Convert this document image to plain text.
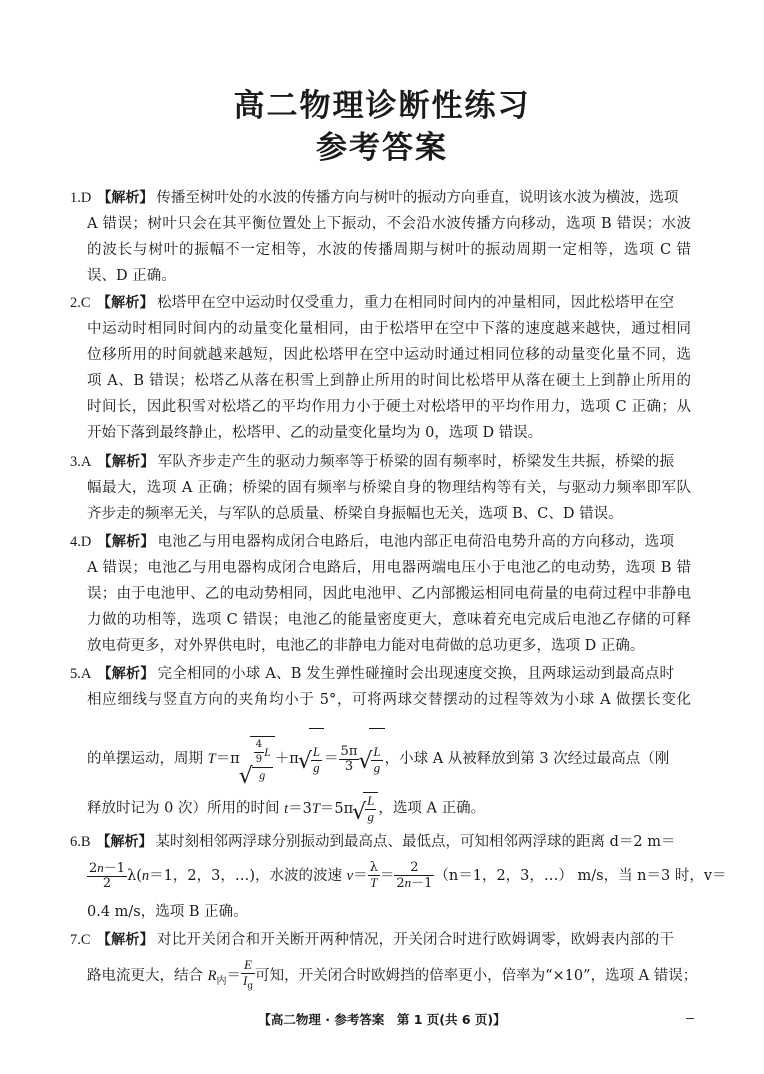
高二物理诊断性练习
参考答案
1.D 【解析】 传播至树叶处的水波的传播方向与树叶的振动方向垂直，说明该水波为横波，选项
A 错误；树叶只会在其平衡位置处上下振动，不会沿水波传播方向移动，选项 B 错误；水波
的波长与树叶的振幅不一定相等，水波的传播周期与树叶的振动周期一定相等，选项 C 错
误、D 正确。
2.C 【解析】 松塔甲在空中运动时仅受重力，重力在相同时间内的冲量相同，因此松塔甲在空
中运动时相同时间内的动量变化量相同，由于松塔甲在空中下落的速度越来越快，通过相同
位移所用的时间就越来越短，因此松塔甲在空中运动时通过相同位移的动量变化量不同，选
项 A、B 错误；松塔乙从落在积雪上到静止所用的时间比松塔甲从落在硬土上到静止所用的
时间长，因此积雪对松塔乙的平均作用力小于硬土对松塔甲的平均作用力，选项 C 正确；从
开始下落到最终静止，松塔甲、乙的动量变化量均为 0，选项 D 错误。
3.A 【解析】 军队齐步走产生的驱动力频率等于桥梁的固有频率时，桥梁发生共振，桥梁的振
幅最大，选项 A 正确；桥梁的固有频率与桥梁自身的物理结构等有关，与驱动力频率即军队
齐步走的频率无关，与军队的总质量、桥梁自身振幅也无关，选项 B、C、D 错误。
4.D 【解析】 电池乙与用电器构成闭合电路后，电池内部正电荷沿电势升高的方向移动，选项
A 错误；电池乙与用电器构成闭合电路后，用电器两端电压小于电池乙的电动势，选项 B 错
误；由于电池甲、乙的电动势相同，因此电池甲、乙内部搬运相同电荷量的电荷过程中非静电
力做的功相等，选项 C 错误；电池乙的能量密度更大，意味着充电完成后电池乙存储的可释
放电荷更多，对外界供电时，电池乙的非静电力能对电荷做的总功更多，选项 D 正确。
5.A 【解析】 完全相同的小球 A、B 发生弹性碰撞时会出现速度交换，且两球运动到最高点时
相应细线与竖直方向的夹角均小于 5°，可将两球交替摆动的过程等效为小球 A 做摆长变化
的单摆运动，周期 T＝π √ $\frac{\frac{4}{9} L}{g} +\pi$ √ $\frac{L}{g} = \frac{5\pi}{3}$ √ $\frac{L}{g}$ ，小球 A 从被释放到第 3 次经过最高点（刚
释放时记为 0 次）所用的时间 t＝3T＝5π √ $\frac{L}{g}$ ，选项 A 正确。
6.B 【解析】 某时刻相邻两浮球分别振动到最高点、最低点，可知相邻两浮球的距离 d＝2 m＝
$\frac{2n-1}{2} \lambda(n=1$，2，3，…)，水波的波速 $v= \frac{\lambda}{T} = \frac{2}{2n-1} (n=1$，2，3，…） m/s，当 n＝3 时，v＝
0.4 m/s，选项 B 正确。
7.C 【解析】 对比开关闭合和开关断开两种情况，开关闭合时进行欧姆调零，欧姆表内部的干
路电流更大，结合 $R_内= \frac{E}{I_g}$ 可知，开关闭合时欧姆挡的倍率更小，倍率为“×10”，选项 A 错误；
【高二物理 · 参考答案　第 1 页(共 6 页)】
